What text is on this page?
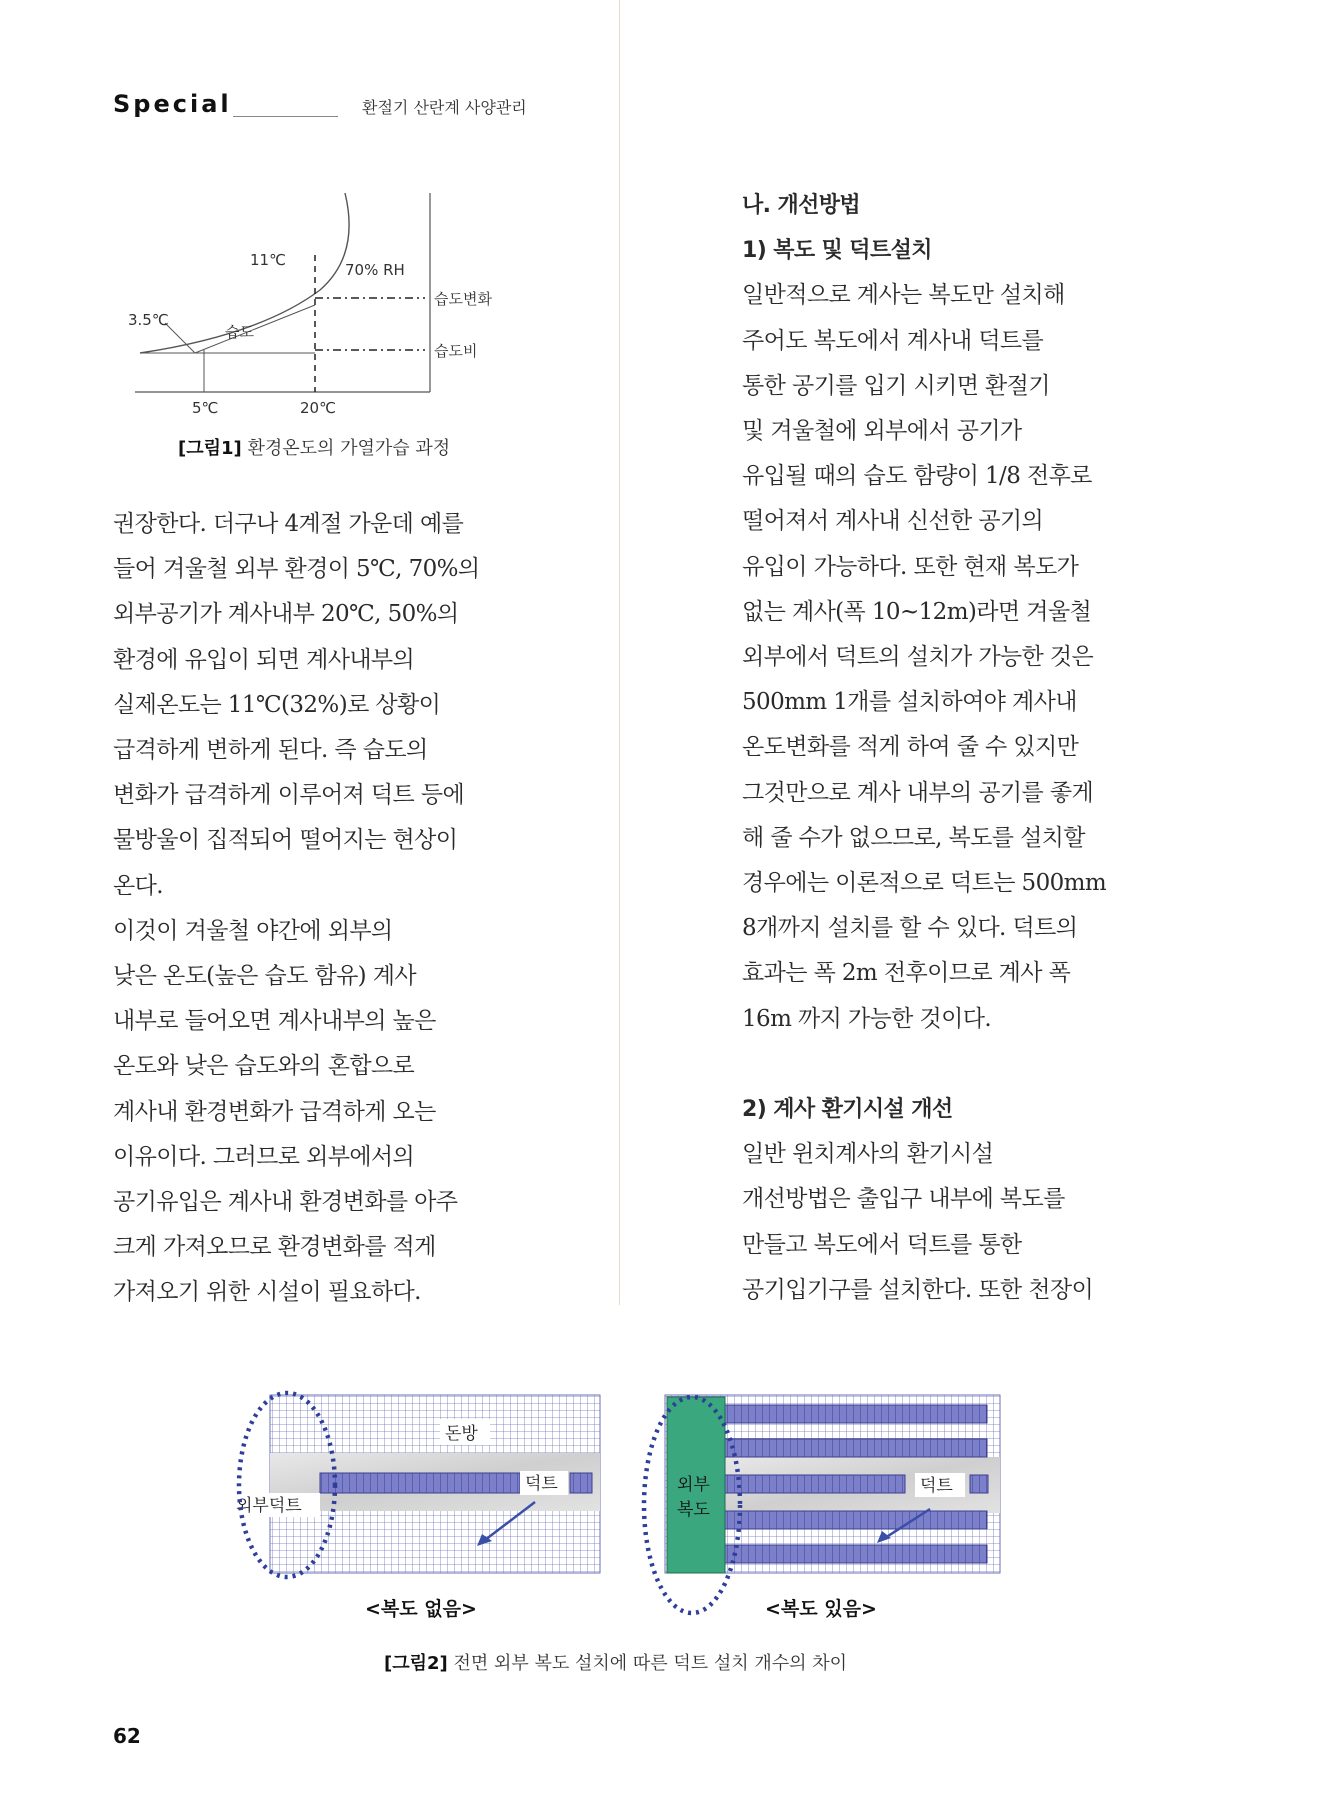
Special	환절기 산란계 사양관리
11℃
70% RH
3.5℃
습도
습도변화
습도비
5℃	20℃
[그림1] 환경온도의 가열가습 과정

권장한다. 더구나 4계절 가운데 예를

들어 겨울철 외부 환경이 5℃, 70%의

외부공기가 계사내부 20℃, 50%의

환경에 유입이 되면 계사내부의

실제온도는 11℃(32%)로 상황이

급격하게 변하게 된다. 즉 습도의

변화가 급격하게 이루어져 덕트 등에

물방울이 집적되어 떨어지는 현상이

온다.

이것이 겨울철 야간에 외부의

낮은 온도(높은 습도 함유) 계사

내부로 들어오면 계사내부의 높은

온도와 낮은 습도와의 혼합으로

계사내 환경변화가 급격하게 오는

이유이다. 그러므로 외부에서의

공기유입은 계사내 환경변화를 아주

크게 가져오므로 환경변화를 적게

가져오기 위한 시설이 필요하다.

나. 개선방법

1) 복도 및 덕트설치

일반적으로 계사는 복도만 설치해

주어도 복도에서 계사내 덕트를

통한 공기를 입기 시키면 환절기

및 겨울철에 외부에서 공기가

유입될 때의 습도 함량이 1/8 전후로

떨어져서 계사내 신선한 공기의

유입이 가능하다. 또한 현재 복도가

없는 계사(폭 10~12m)라면 겨울철

외부에서 덕트의 설치가 가능한 것은

500mm 1개를 설치하여야 계사내

온도변화를 적게 하여 줄 수 있지만

그것만으로 계사 내부의 공기를 좋게

해 줄 수가 없으므로, 복도를 설치할

경우에는 이론적으로 덕트는 500mm

8개까지 설치를 할 수 있다. 덕트의

효과는 폭 2m 전후이므로 계사 폭

16m 까지 가능한 것이다.

2) 계사 환기시설 개선

일반 윈치계사의 환기시설

개선방법은 출입구 내부에 복도를

만들고 복도에서 덕트를 통한

공기입기구를 설치한다. 또한 천장이

돈방
덕트
외부덕트
외부
복도
덕트
<복도 없음>	<복도 있음>
[그림2] 전면 외부 복도 설치에 따른 덕트 설치 개수의 차이
62
